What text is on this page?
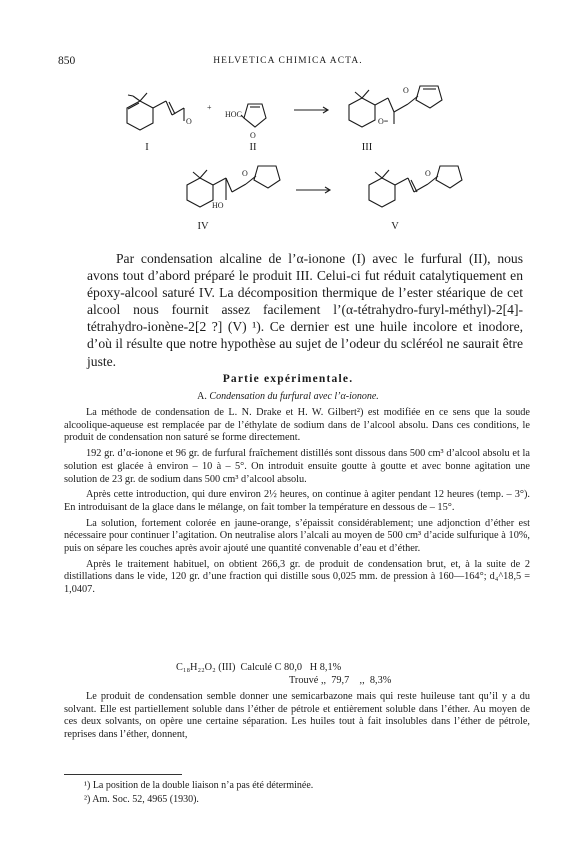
850	HELVETICA CHIMICA ACTA.
O
+
HOC
O
O
O=
O
HO
O
I	II	III
IV	V

Par condensation alcaline de l’α-ionone (I) avec le furfural (II), nous avons tout d’abord préparé le produit III. Celui-ci fut réduit catalytiquement en époxy-alcool saturé IV. La décomposition thermique de l’ester stéarique de cet alcool nous fournit assez facilement l’(α-tétrahydro-furyl-méthyl)-2[4]-tétrahydro-ionène-2[2 ?] (V) ¹). Ce dernier est une huile incolore et inodore, d’où il résulte que notre hypothèse au sujet de l’odeur du scléréol ne saurait être juste.

Partie expérimentale.
A. Condensation du furfural avec l’α-ionone.

La méthode de condensation de L. N. Drake et H. W. Gilbert²) est modifiée en ce sens que la soude alcoolique-aqueuse est remplacée par de l’éthylate de sodium dans de l’alcool absolu. Dans ces conditions, le produit de condensation non saturé se forme directement.

192 gr. d’α-ionone et 96 gr. de furfural fraîchement distillés sont dissous dans 500 cm³ d’alcool absolu et la solution est glacée à environ – 10 à – 5°. On introduit ensuite goutte à goutte et avec bonne agitation une solution de 23 gr. de sodium dans 500 cm³ d’alcool absolu.

Après cette introduction, qui dure environ 2½ heures, on continue à agiter pendant 12 heures (temp. – 3°). En introduisant de la glace dans le mélange, on fait tomber la température en dessous de – 15°.

La solution, fortement colorée en jaune-orange, s’épaissit considérablement; une adjonction d’éther est nécessaire pour continuer l’agitation. On neutralise alors l’alcali au moyen de 500 cm³ d’acide sulfurique à 10%, puis on sépare les couches après avoir ajouté une quantité convenable d’eau et d’éther.

Après le traitement habituel, on obtient 266,3 gr. de produit de condensation brut, et, à la suite de 2 distillations dans le vide, 120 gr. d’une fraction qui distille sous 0,025 mm. de pression à 160—164°; d₄^18,5 = 1,0407.

C₁₈H₂₂O₂ (III)  Calculé C 80,0   H 8,1%
Trouvé ,,  79,7    ,,  8,3%

Le produit de condensation semble donner une semicarbazone mais qui reste huileuse tant qu’il y a du solvant. Elle est partiellement soluble dans l’éther de pétrole et entièrement soluble dans l’éther. Au moyen de ces deux solvants, on opère une certaine séparation. Les huiles tout à fait insolubles dans l’éther de pétrole, reprises dans l’éther, donnent,

¹) La position de la double liaison n’a pas été déterminée.
²) Am. Soc. 52, 4965 (1930).
